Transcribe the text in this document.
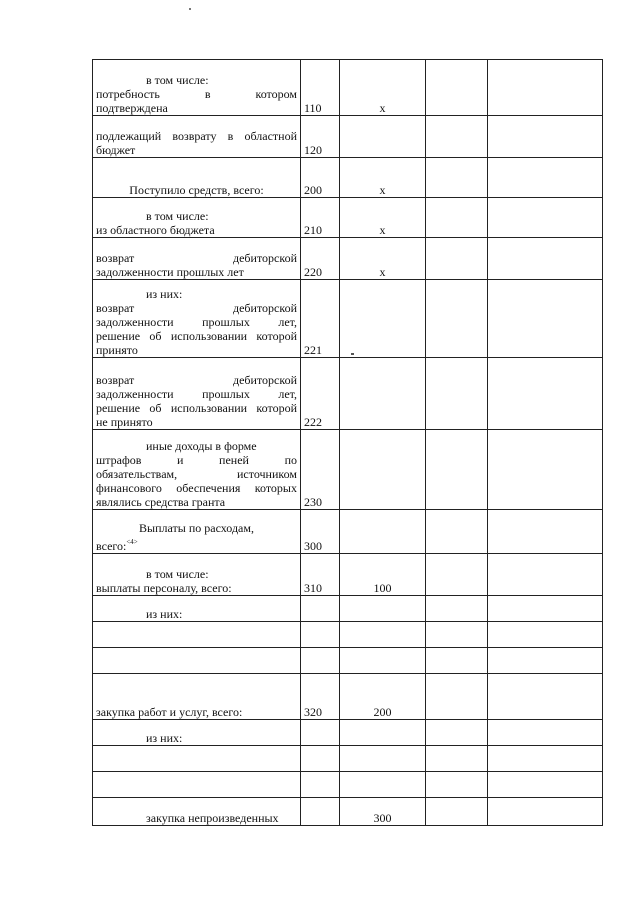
в том числе:
потребность в котором
подтверждена	110	x		

подлежащий возврату в областной
бюджет	120			

Поступило средств, всего:	200	x		

в том числе:
из областного бюджета	210	x		

возврат дебиторской
задолженности прошлых лет	220	x		

из них:
возврат дебиторской
задолженности прошлых лет,
решение об использовании которой
принято	221			

возврат дебиторской
задолженности прошлых лет,
решение об использовании которой
не принято	222			

иные доходы в форме
штрафов и пеней по
обязательствам, источником
финансового обеспечения которых
являлись средства гранта	230			

Выплаты по расходам,
всего:$^{<4>}$	300			

в том числе:
выплаты персоналу, всего:	310	100		

из них:				

закупка работ и услуг, всего:	320	200		

из них:				

закупка непроизведенных		300		
